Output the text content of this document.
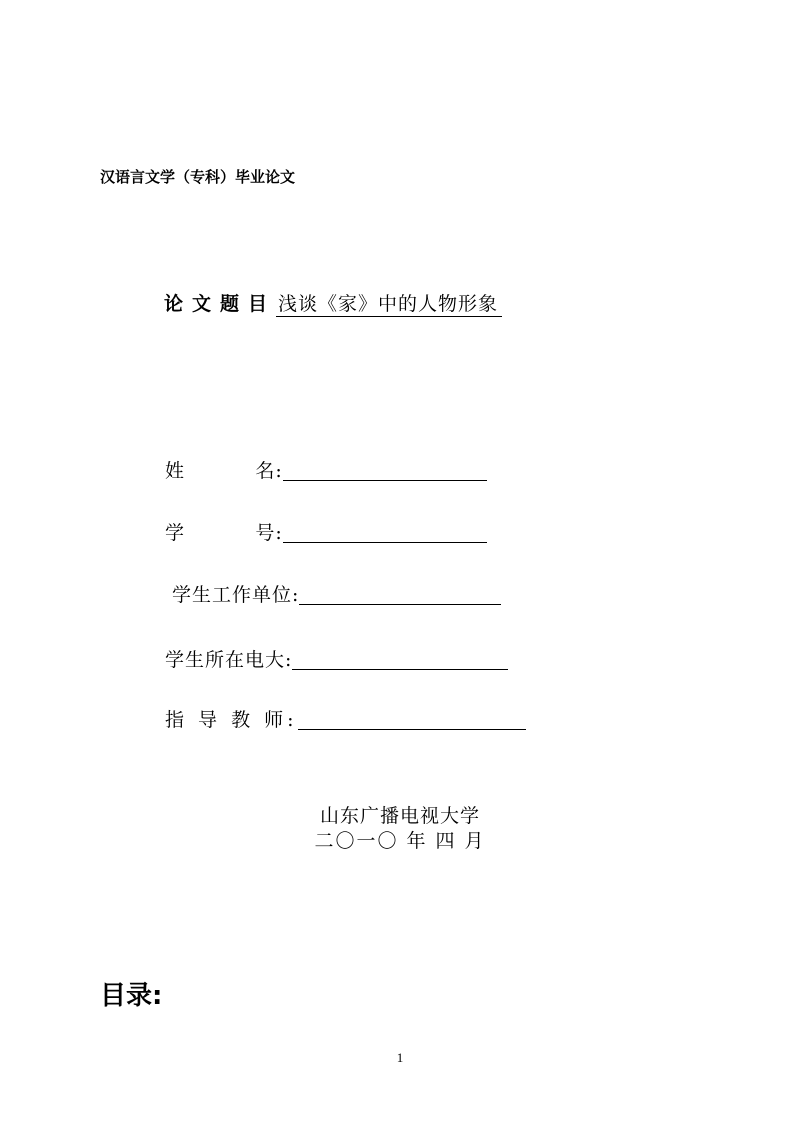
汉语言文学（专科）毕业论文
论文题目 浅谈《家》中的人物形象
姓          名:
学          号:
学生工作单位:
学生所在电大:
指 导 教 师:
山东广播电视大学
二〇一〇 年 四 月
目录:
1
